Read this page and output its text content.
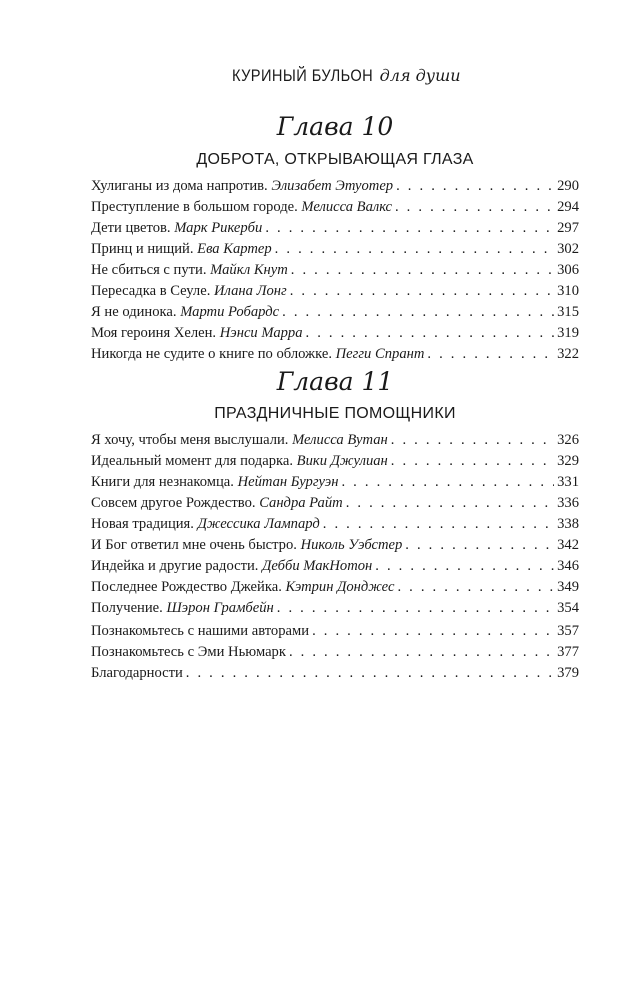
КУРИНЫЙ БУЛЬОН для души
Глава 10
ДОБРОТА, ОТКРЫВАЮЩАЯ ГЛАЗА
Хулиганы из дома напротив. Элизабет Этуотер . . .	290
Преступление в большом городе. Мелисса Валкс . . .	294
Дети цветов. Марк Рикерби . . .	297
Принц и нищий. Ева Картер . . .	302
Не сбиться с пути. Майкл Кнут . . .	306
Пересадка в Сеуле. Илана Лонг . . .	310
Я не одинока. Марти Робардс . . .	315
Моя героиня Хелен. Нэнси Марра . . .	319
Никогда не судите о книге по обложке. Пегги Спрант . . .	322
Глава 11
ПРАЗДНИЧНЫЕ ПОМОЩНИКИ
Я хочу, чтобы меня выслушали. Мелисса Вутан . . .	326
Идеальный момент для подарка. Вики Джулиан . . .	329
Книги для незнакомца. Нейтан Бургуэн . . .	331
Совсем другое Рождество. Сандра Райт . . .	336
Новая традиция. Джессика Лампард . . .	338
И Бог ответил мне очень быстро. Николь Уэбстер . . .	342
Индейка и другие радости. Дебби МакНотон . . .	346
Последнее Рождество Джейка. Кэтрин Донджес . . .	349
Получение. Шэрон Грамбейн . . .	354
Познакомьтесь с нашими авторами . . .	357
Познакомьтесь с Эми Ньюмарк . . .	377
Благодарности . . .	379
